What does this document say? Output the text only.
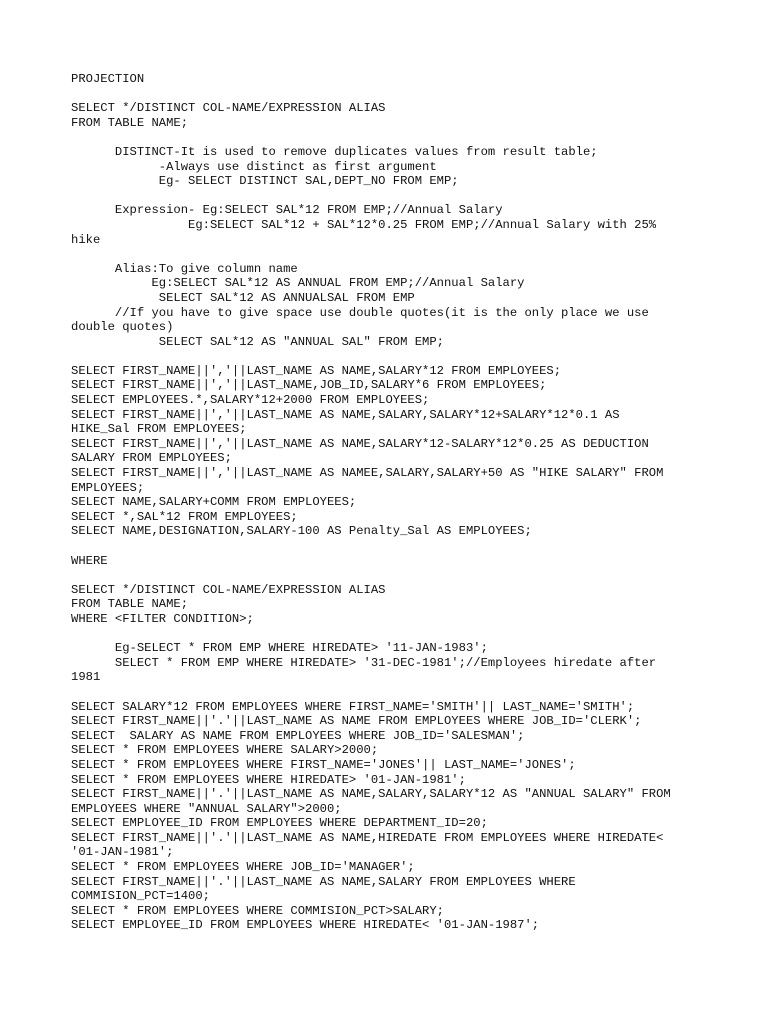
PROJECTION
SELECT */DISTINCT COL-NAME/EXPRESSION ALIAS
FROM TABLE NAME;
DISTINCT-It is used to remove duplicates values from result table;
-Always use distinct as first argument
Eg- SELECT DISTINCT SAL,DEPT_NO FROM EMP;
Expression- Eg:SELECT SAL*12 FROM EMP;//Annual Salary
Eg:SELECT SAL*12 + SAL*12*0.25 FROM EMP;//Annual Salary with 25%
hike
Alias:To give column name
Eg:SELECT SAL*12 AS ANNUAL FROM EMP;//Annual Salary
SELECT SAL*12 AS ANNUALSAL FROM EMP
//If you have to give space use double quotes(it is the only place we use
double quotes)
SELECT SAL*12 AS "ANNUAL SAL" FROM EMP;
SELECT FIRST_NAME||','||LAST_NAME AS NAME,SALARY*12 FROM EMPLOYEES;
SELECT FIRST_NAME||','||LAST_NAME,JOB_ID,SALARY*6 FROM EMPLOYEES;
SELECT EMPLOYEES.*,SALARY*12+2000 FROM EMPLOYEES;
SELECT FIRST_NAME||','||LAST_NAME AS NAME,SALARY,SALARY*12+SALARY*12*0.1 AS
HIKE_Sal FROM EMPLOYEES;
SELECT FIRST_NAME||','||LAST_NAME AS NAME,SALARY*12-SALARY*12*0.25 AS DEDUCTION
SALARY FROM EMPLOYEES;
SELECT FIRST_NAME||','||LAST_NAME AS NAMEE,SALARY,SALARY+50 AS "HIKE SALARY" FROM
EMPLOYEES;
SELECT NAME,SALARY+COMM FROM EMPLOYEES;
SELECT *,SAL*12 FROM EMPLOYEES;
SELECT NAME,DESIGNATION,SALARY-100 AS Penalty_Sal AS EMPLOYEES;
WHERE
SELECT */DISTINCT COL-NAME/EXPRESSION ALIAS
FROM TABLE NAME;
WHERE <FILTER CONDITION>;
Eg-SELECT * FROM EMP WHERE HIREDATE> '11-JAN-1983';
SELECT * FROM EMP WHERE HIREDATE> '31-DEC-1981';//Employees hiredate after
1981
SELECT SALARY*12 FROM EMPLOYEES WHERE FIRST_NAME='SMITH'|| LAST_NAME='SMITH';
SELECT FIRST_NAME||'.'||LAST_NAME AS NAME FROM EMPLOYEES WHERE JOB_ID='CLERK';
SELECT  SALARY AS NAME FROM EMPLOYEES WHERE JOB_ID='SALESMAN';
SELECT * FROM EMPLOYEES WHERE SALARY>2000;
SELECT * FROM EMPLOYEES WHERE FIRST_NAME='JONES'|| LAST_NAME='JONES';
SELECT * FROM EMPLOYEES WHERE HIREDATE> '01-JAN-1981';
SELECT FIRST_NAME||'.'||LAST_NAME AS NAME,SALARY,SALARY*12 AS "ANNUAL SALARY" FROM
EMPLOYEES WHERE "ANNUAL SALARY">2000;
SELECT EMPLOYEE_ID FROM EMPLOYEES WHERE DEPARTMENT_ID=20;
SELECT FIRST_NAME||'.'||LAST_NAME AS NAME,HIREDATE FROM EMPLOYEES WHERE HIREDATE<
'01-JAN-1981';
SELECT * FROM EMPLOYEES WHERE JOB_ID='MANAGER';
SELECT FIRST_NAME||'.'||LAST_NAME AS NAME,SALARY FROM EMPLOYEES WHERE
COMMISION_PCT=1400;
SELECT * FROM EMPLOYEES WHERE COMMISION_PCT>SALARY;
SELECT EMPLOYEE_ID FROM EMPLOYEES WHERE HIREDATE< '01-JAN-1987';
